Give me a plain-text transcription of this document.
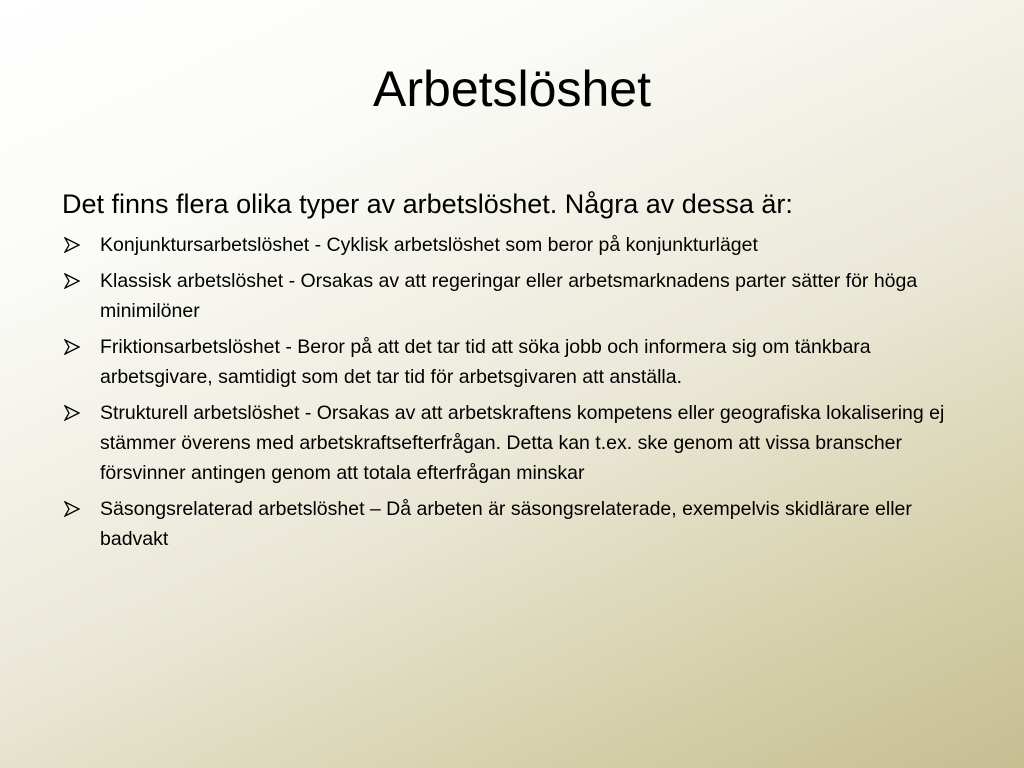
Arbetslöshet

Det finns flera olika typer av arbetslöshet. Några av dessa är:

Konjunktursarbetslöshet - Cyklisk arbetslöshet som beror på konjunkturläget
Klassisk arbetslöshet - Orsakas av att regeringar eller arbetsmarknadens parter sätter för höga minimilöner
Friktionsarbetslöshet - Beror på att det tar tid att söka jobb och informera sig om tänkbara arbetsgivare, samtidigt som det tar tid för arbetsgivaren att anställa.
Strukturell arbetslöshet - Orsakas av att arbetskraftens kompetens eller geografiska lokalisering ej stämmer överens med arbetskraftsefterfrågan. Detta kan t.ex. ske genom att vissa branscher försvinner antingen genom att totala efterfrågan minskar
Säsongsrelaterad arbetslöshet – Då arbeten är säsongsrelaterade, exempelvis skidlärare eller badvakt
